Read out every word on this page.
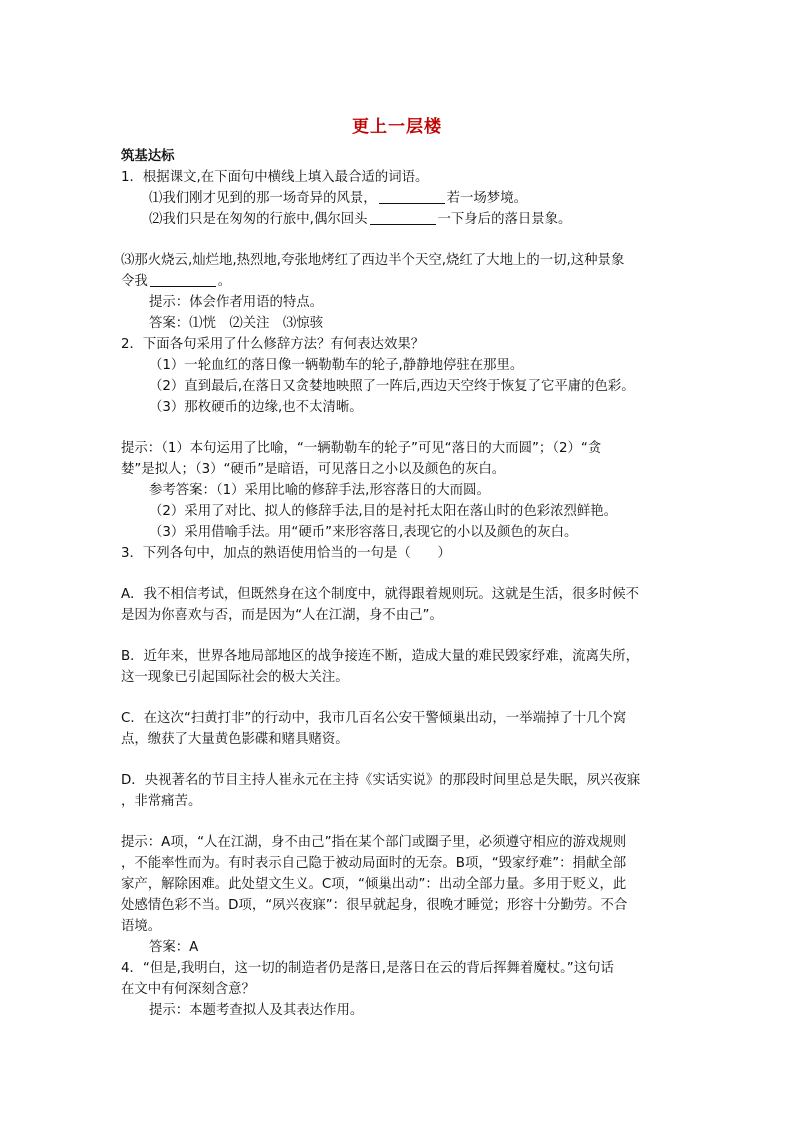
更上一层楼
筑基达标
1．根据课文,在下面句中横线上填入最合适的词语。
⑴我们刚才见到的那一场奇异的风景，	若一场梦境。
⑵我们只是在匆匆的行旅中,偶尔回头	一下身后的落日景象。
⑶那火烧云,灿烂地,热烈地,夸张地烤红了西边半个天空,烧红了大地上的一切,这种景象
令我	。
提示：体会作者用语的特点。
答案：⑴恍　⑵关注　⑶惊骇
2．下面各句采用了什么修辞方法？有何表达效果？
（1）一轮血红的落日像一辆勒勒车的轮子,静静地停驻在那里。
（2）直到最后,在落日又贪婪地映照了一阵后,西边天空终于恢复了它平庸的色彩。
（3）那枚硬币的边缘,也不太清晰。
提示：（1）本句运用了比喻，“一辆勒勒车的轮子”可见“落日的大而圆”；（2）“贪
婪”是拟人；（3）“硬币”是暗语，可见落日之小以及颜色的灰白。
参考答案：（1）采用比喻的修辞手法,形容落日的大而圆。
（2）采用了对比、拟人的修辞手法,目的是衬托太阳在落山时的色彩浓烈鲜艳。
（3）采用借喻手法。用“硬币”来形容落日,表现它的小以及颜色的灰白。
3．下列各句中，加点的熟语使用恰当的一句是（　　）
A．我不相信考试，但既然身在这个制度中，就得跟着规则玩。这就是生活，很多时候不
是因为你喜欢与否，而是因为“人在江湖，身不由己”。
B．近年来，世界各地局部地区的战争接连不断，造成大量的难民毁家纾难，流离失所，
这一现象已引起国际社会的极大关注。
C．在这次“扫黄打非”的行动中，我市几百名公安干警倾巢出动，一举端掉了十几个窝
点，缴获了大量黄色影碟和赌具赌资。
D．央视著名的节目主持人崔永元在主持《实话实说》的那段时间里总是失眠，夙兴夜寐
，非常痛苦。
提示：A项，“人在江湖，身不由己”指在某个部门或圈子里，必须遵守相应的游戏规则
，不能率性而为。有时表示自己隐于被动局面时的无奈。B项，“毁家纾难”：捐献全部
家产，解除困难。此处望文生义。C项，“倾巢出动”：出动全部力量。多用于贬义，此
处感情色彩不当。D项，“夙兴夜寐”：很早就起身，很晚才睡觉；形容十分勤劳。不合
语境。
答案：A
4．“但是,我明白，这一切的制造者仍是落日,是落日在云的背后挥舞着魔杖。”这句话
在文中有何深刻含意？
提示：本题考查拟人及其表达作用。
